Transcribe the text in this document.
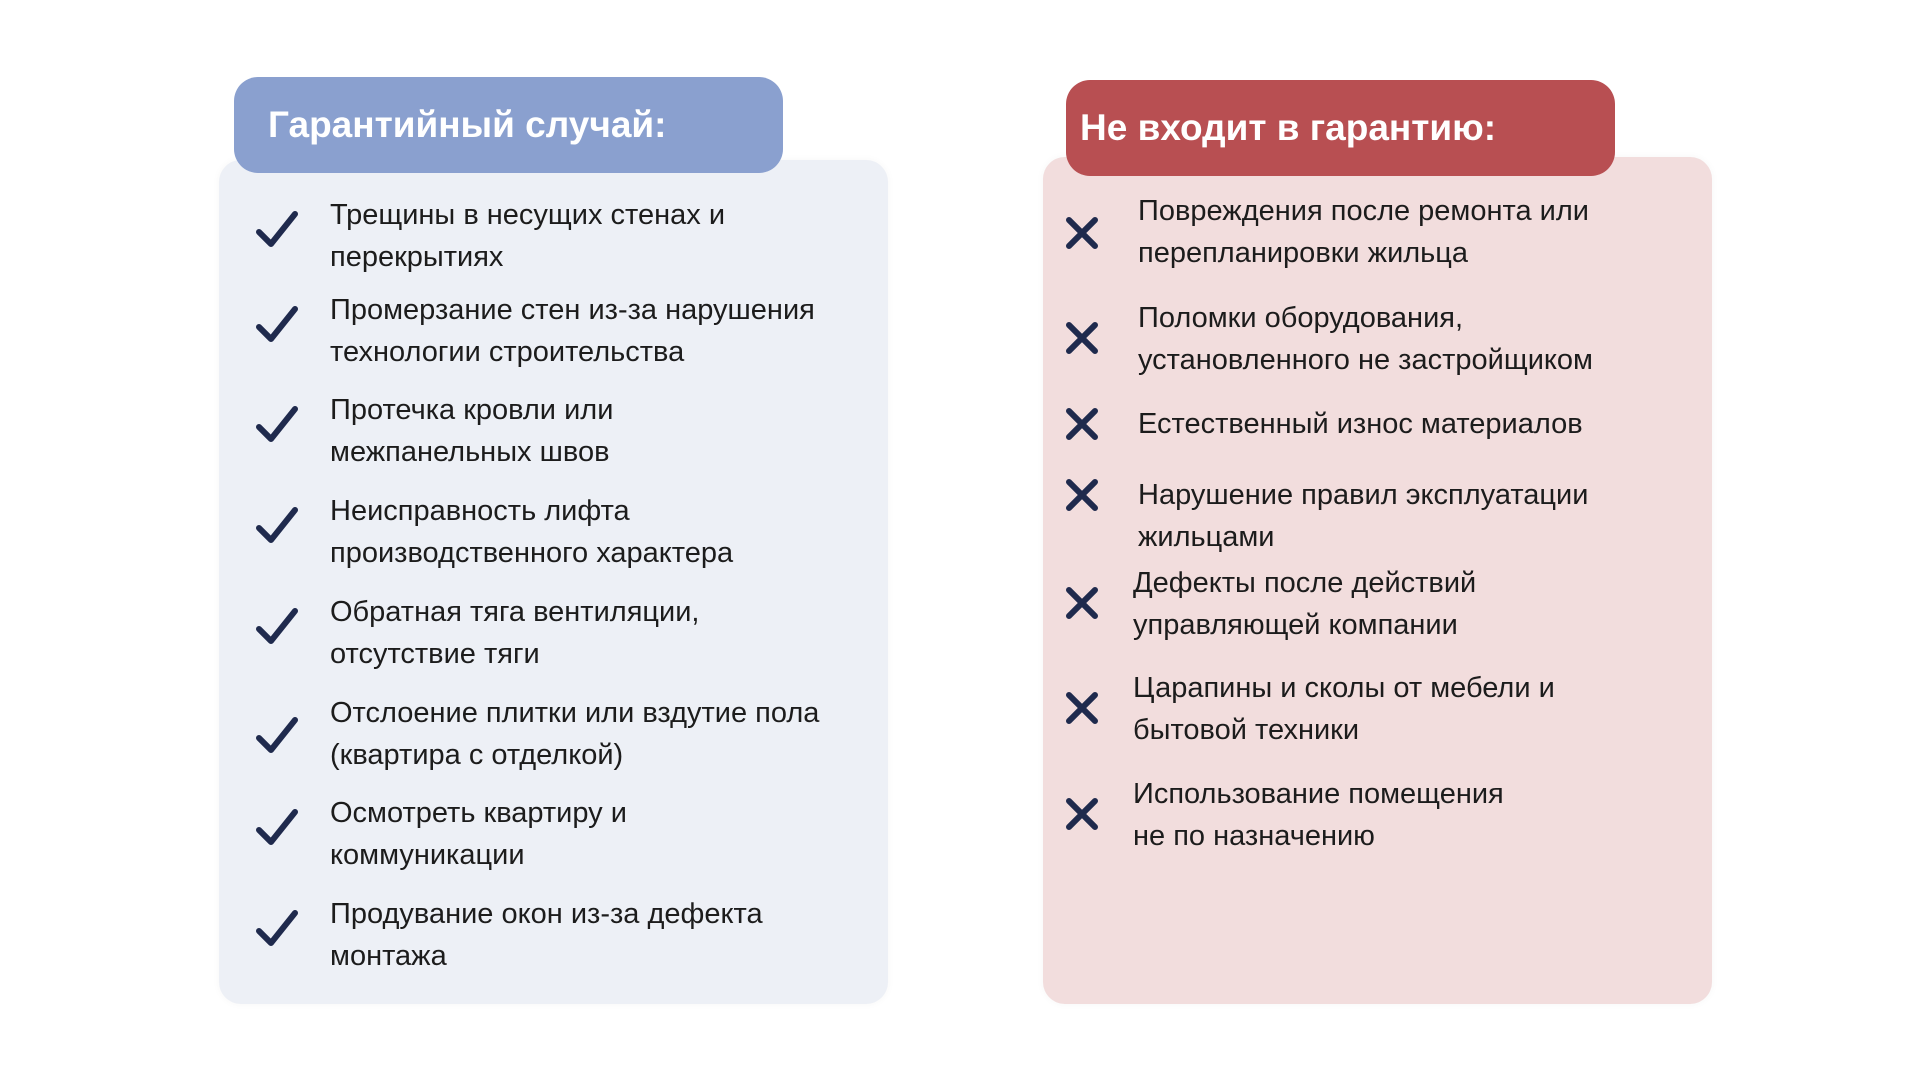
Трещины в несущих стенах и
перекрытиях
Промерзание стен из-за нарушения
технологии строительства
Протечка кровли или
межпанельных швов
Неисправность лифта
производственного характера
Обратная тяга вентиляции,
отсутствие тяги
Отслоение плитки или вздутие пола
(квартира с отделкой)
Осмотреть квартиру и
коммуникации
Продувание окон из-за дефекта
монтажа
Повреждения после ремонта или
перепланировки жильца
Поломки оборудования,
установленного не застройщиком
Естественный износ материалов
Нарушение правил эксплуатации
жильцами
Дефекты после действий
управляющей компании
Царапины и сколы от мебели и
бытовой техники
Использование помещения
не по назначению
Гарантийный случай:	Не входит в гарантию:
